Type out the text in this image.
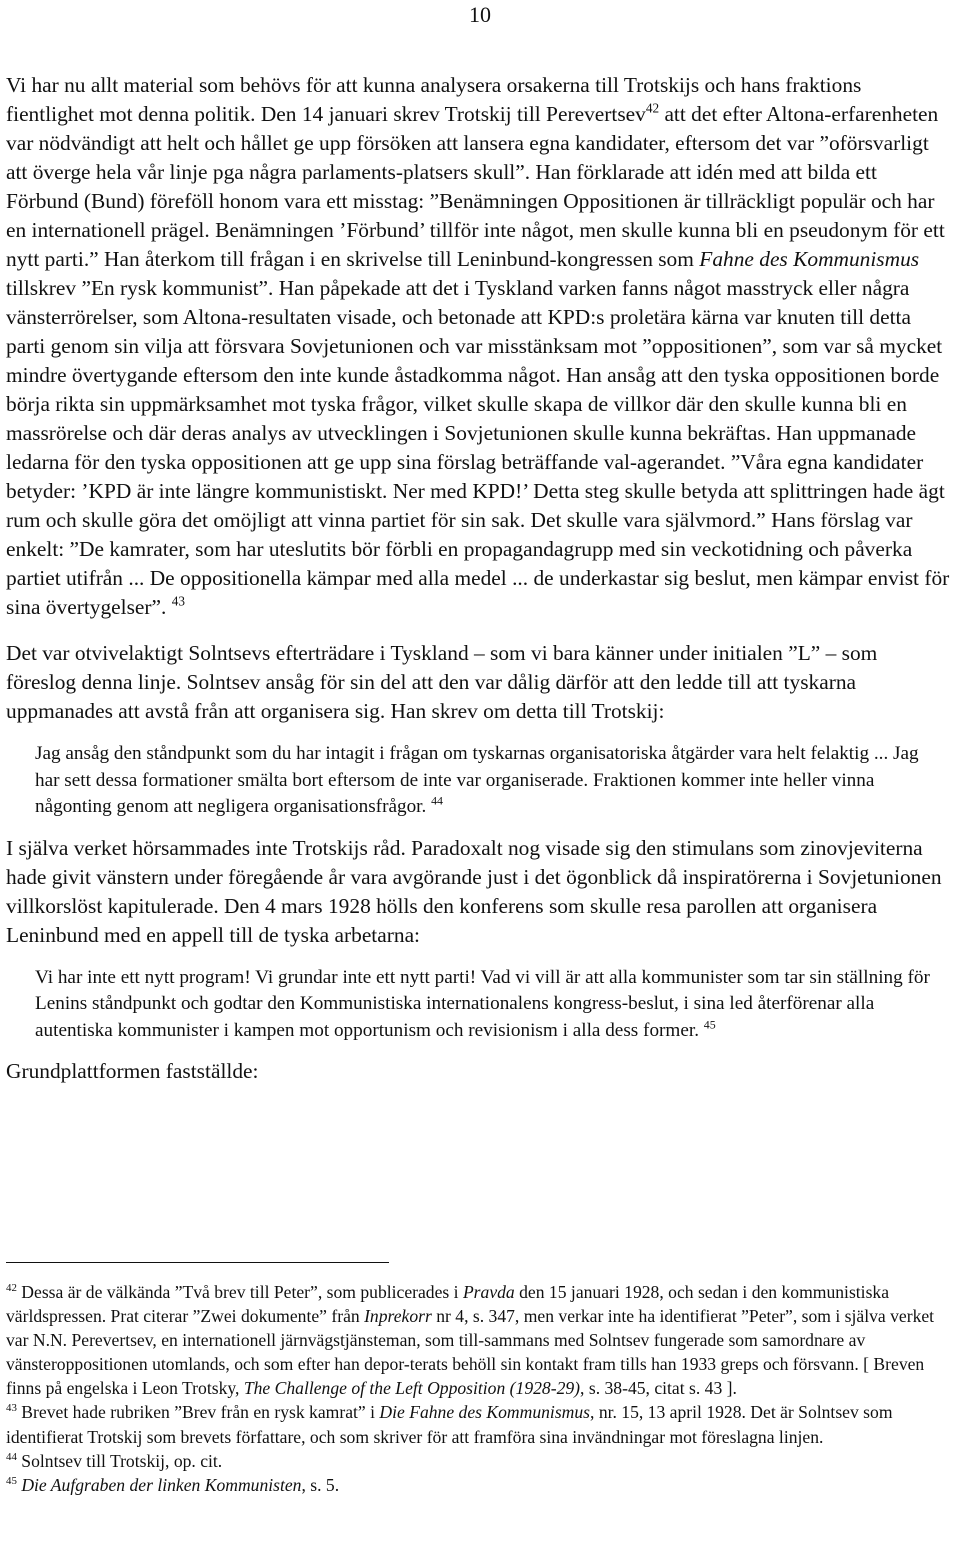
10

Vi har nu allt material som behövs för att kunna analysera orsakerna till Trotskijs och hans fraktions fientlighet mot denna politik. Den 14 januari skrev Trotskij till Perevertsev$^{42}$ att det efter Altona-erfarenheten var nödvändigt att helt och hållet ge upp försöken att lansera egna kandidater, eftersom det var ”oförsvarligt att överge hela vår linje pga några parlaments-platsers skull”. Han förklarade att idén med att bilda ett Förbund (Bund) föreföll honom vara ett misstag: ”Benämningen Oppositionen är tillräckligt populär och har en internationell prägel. Benämningen ’Förbund’ tillför inte något, men skulle kunna bli en pseudonym för ett nytt parti.” Han återkom till frågan i en skrivelse till Leninbund-kongressen som Fahne des Kommunismus tillskrev ”En rysk kommunist”. Han påpekade att det i Tyskland varken fanns något masstryck eller några vänsterrörelser, som Altona-resultaten visade, och betonade att KPD:s proletära kärna var knuten till detta parti genom sin vilja att försvara Sovjetunionen och var misstänksam mot ”oppositionen”, som var så mycket mindre övertygande eftersom den inte kunde åstadkomma något. Han ansåg att den tyska oppositionen borde börja rikta sin uppmärksamhet mot tyska frågor, vilket skulle skapa de villkor där den skulle kunna bli en massrörelse och där deras analys av utvecklingen i Sovjetunionen skulle kunna bekräftas. Han uppmanade ledarna för den tyska oppositionen att ge upp sina förslag beträffande val-agerandet. ”Våra egna kandidater betyder: ’KPD är inte längre kommunistiskt. Ner med KPD!’ Detta steg skulle betyda att splittringen hade ägt rum och skulle göra det omöjligt att vinna partiet för sin sak. Det skulle vara självmord.” Hans förslag var enkelt: ”De kamrater, som har uteslutits bör förbli en propagandagrupp med sin veckotidning och påverka partiet utifrån ... De oppositionella kämpar med alla medel ... de underkastar sig beslut, men kämpar envist för sina övertygelser”. $^{43}$

Det var otvivelaktigt Solntsevs efterträdare i Tyskland – som vi bara känner under initialen ”L” – som föreslog denna linje. Solntsev ansåg för sin del att den var dålig därför att den ledde till att tyskarna uppmanades att avstå från att organisera sig. Han skrev om detta till Trotskij:

Jag ansåg den ståndpunkt som du har intagit i frågan om tyskarnas organisatoriska åtgärder vara helt felaktig ... Jag har sett dessa formationer smälta bort eftersom de inte var organiserade. Fraktionen kommer inte heller vinna någonting genom att negligera organisationsfrågor. $^{44}$

I själva verket hörsammades inte Trotskijs råd. Paradoxalt nog visade sig den stimulans som zinovjeviterna hade givit vänstern under föregående år vara avgörande just i det ögonblick då inspiratörerna i Sovjetunionen villkorslöst kapitulerade. Den 4 mars 1928 hölls den konferens som skulle resa parollen att organisera Leninbund med en appell till de tyska arbetarna:

Vi har inte ett nytt program! Vi grundar inte ett nytt parti! Vad vi vill är att alla kommunister som tar sin ställning för Lenins ståndpunkt och godtar den Kommunistiska internationalens kongress-beslut, i sina led återförenar alla autentiska kommunister i kampen mot opportunism och revisionism i alla dess former. $^{45}$

Grundplattformen fastställde:

$^{42}$ Dessa är de välkända ”Två brev till Peter”, som publicerades i Pravda den 15 januari 1928, och sedan i den kommunistiska världspressen. Prat citerar ”Zwei dokumente” från Inprekorr nr 4, s. 347, men verkar inte ha identifierat ”Peter”, som i själva verket var N.N. Perevertsev, en internationell järnvägstjänsteman, som till-sammans med Solntsev fungerade som samordnare av vänsteroppositionen utomlands, och som efter han depor-terats behöll sin kontakt fram tills han 1933 greps och försvann. [ Breven finns på engelska i Leon Trotsky, The Challenge of the Left Opposition (1928-29), s. 38-45, citat s. 43 ].
$^{43}$ Brevet hade rubriken ”Brev från en rysk kamrat” i Die Fahne des Kommunismus, nr. 15, 13 april 1928. Det är Solntsev som identifierat Trotskij som brevets författare, och som skriver för att framföra sina invändningar mot föreslagna linjen.
$^{44}$ Solntsev till Trotskij, op. cit.
$^{45}$ Die Aufgraben der linken Kommunisten, s. 5.
